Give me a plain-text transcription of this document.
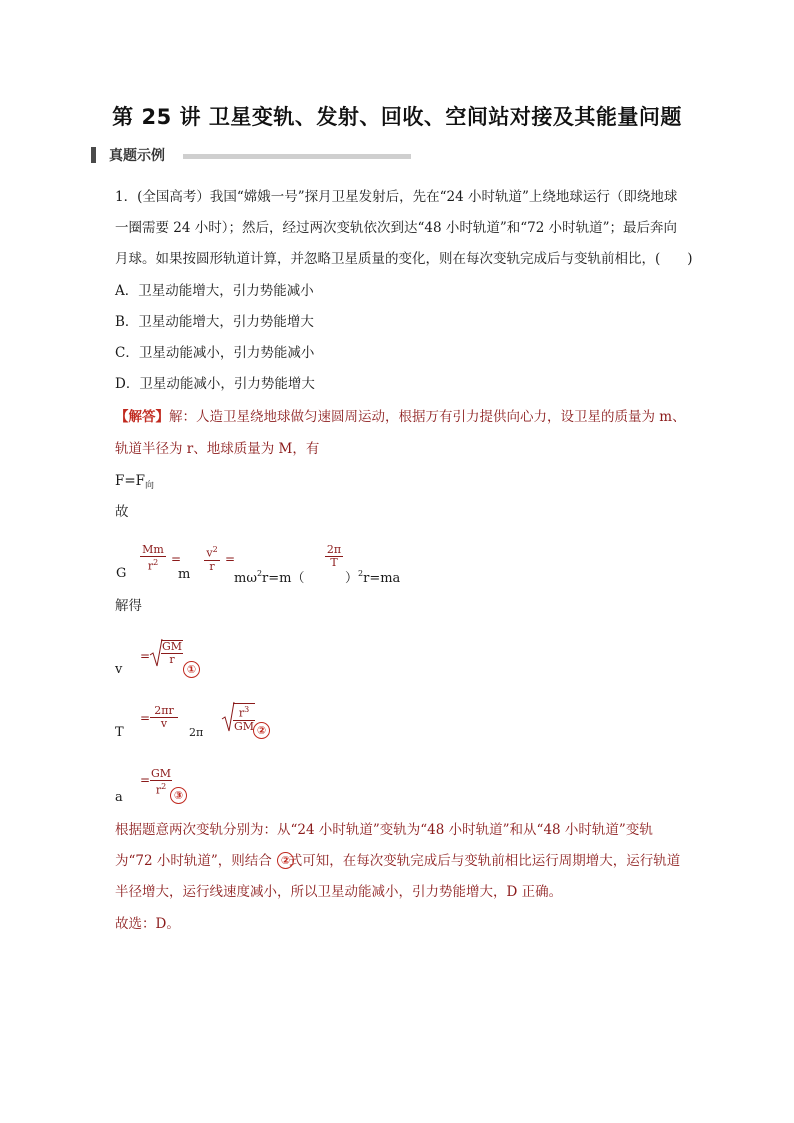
第 25 讲 卫星变轨、发射、回收、空间站对接及其能量问题
真题示例
1．(全国高考）我国“嫦娥一号”探月卫星发射后，先在“24 小时轨道”上绕地球运行（即绕地球
一圈需要 24 小时）；然后，经过两次变轨依次到达“48 小时轨道”和“72 小时轨道”；最后奔向
月球。如果按圆形轨道计算，并忽略卫星质量的变化，则在每次变轨完成后与变轨前相比，(　　)
A．卫星动能增大，引力势能减小
B．卫星动能增大，引力势能增大
C．卫星动能减小，引力势能减小
D．卫星动能减小，引力势能增大
【解答】解：人造卫星绕地球做匀速圆周运动，根据万有引力提供向心力，设卫星的质量为 m、
轨道半径为 r、地球质量为 M，有
$F=F_向$
故
G
$\frac{Mm}{r^2}$ =
m
$\frac{v^2}{r}$ =
$m\omega^2r=m$（
$\frac{2\pi}{T}$
）$^2$r=ma
解得
v
= $\frac{GM}{r}$
①
T
= $\frac{2\pi r}{v}$
2π	$\frac{r^3}{GM}$ ②
a
= $\frac{GM}{r^2}$ ③
根据题意两次变轨分别为：从“24 小时轨道”变轨为“48 小时轨道”和从“48 小时轨道”变轨
为“72 小时轨道”，则结合 式可知，在每次变轨完成后与变轨前相比运行周期增大，运行轨道
②
半径增大，运行线速度减小，所以卫星动能减小，引力势能增大，D 正确。
故选：D。
